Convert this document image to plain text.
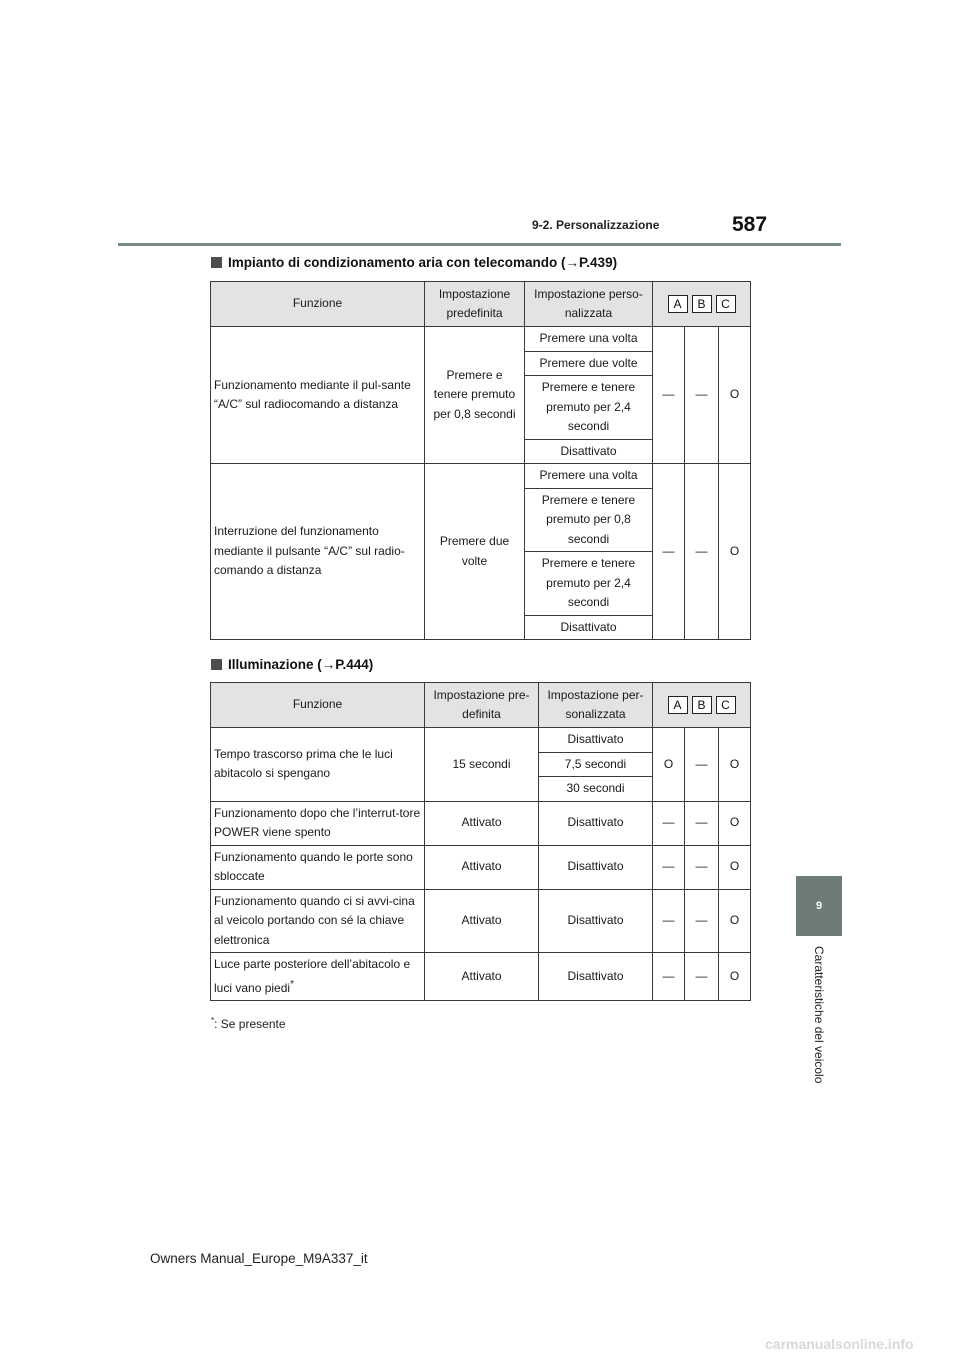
9-2. Personalizzazione	587
9
Caratteristiche del veicolo
Impianto di condizionamento aria con telecomando (→P.439)
Funzione	Impostazione predefinita	Impostazione perso-nalizzata	A B C		

Funzionamento mediante il pul-sante “A/C” sul radiocomando a distanza	Premere e tenere premuto per 0,8 secondi	Premere una volta	—	—	O
		Premere due volte			
		Premere e tenere premuto per 2,4 secondi			
		Disattivato			
Interruzione del funzionamento mediante il pulsante “A/C” sul radio-comando a distanza	Premere due volte	Premere una volta	—	—	O
		Premere e tenere premuto per 0,8 secondi			
		Premere e tenere premuto per 2,4 secondi			
		Disattivato			
Illuminazione (→P.444)
Funzione	Impostazione pre-definita	Impostazione per-sonalizzata	A B C		

Tempo trascorso prima che le luci abitacolo si spengano	15 secondi	Disattivato	O	—	O
		7,5 secondi			
		30 secondi			
Funzionamento dopo che l’interrut-tore POWER viene spento	Attivato	Disattivato	—	—	O
Funzionamento quando le porte sono sbloccate	Attivato	Disattivato	—	—	O
Funzionamento quando ci si avvi-cina al veicolo portando con sé la chiave elettronica	Attivato	Disattivato	—	—	O
Luce parte posteriore dell’abitacolo e luci vano piedi*	Attivato	Disattivato	—	—	O
*: Se presente
Owners Manual_Europe_M9A337_it
carmanualsonline.info
